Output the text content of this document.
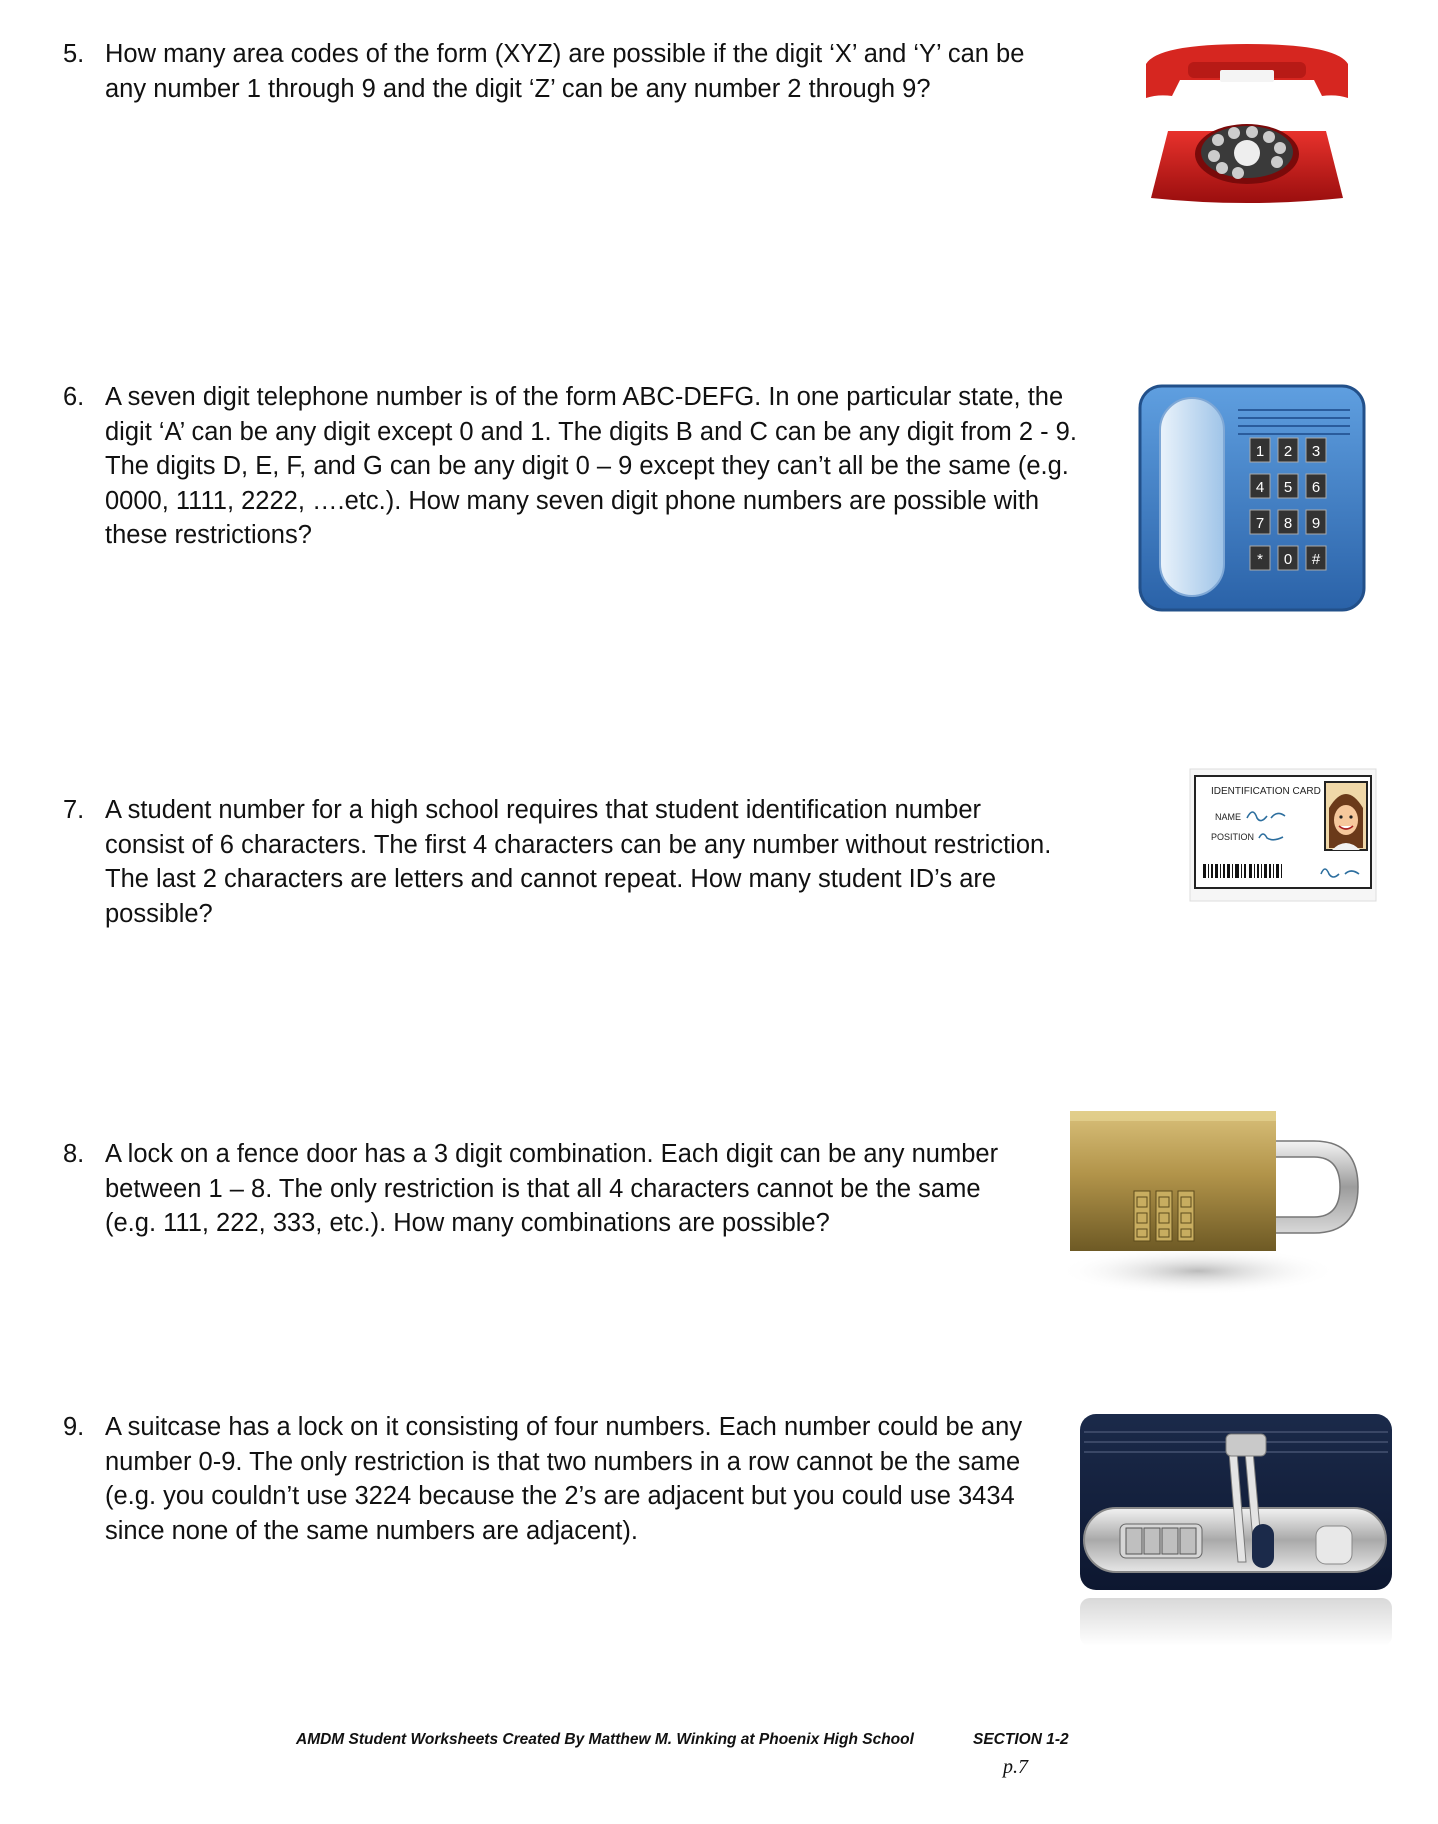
5. How many area codes of the form (XYZ) are possible if the digit ‘X’ and ‘Y’ can be
any number 1 through 9 and the digit ‘Z’ can be any number 2 through 9?
6. A seven digit telephone number is of the form ABC-DEFG. In one particular state, the
digit ‘A’ can be any digit except 0 and 1. The digits B and C can be any digit from 2 - 9.
The digits D, E, F, and G can be any digit 0 – 9 except they can’t all be the same (e.g.
0000, 1111, 2222, ….etc.). How many seven digit phone numbers are possible with
these restrictions?
1 2 3
4 5 6
7 8 9
* 0 #
7. A student number for a high school requires that student identification number
consist of 6 characters. The first 4 characters can be any number without restriction.
The last 2 characters are letters and cannot repeat. How many student ID’s are
possible?
IDENTIFICATION CARD
NAME
POSITION
8. A lock on a fence door has a 3 digit combination. Each digit can be any number
between 1 – 8. The only restriction is that all 4 characters cannot be the same
(e.g. 111, 222, 333, etc.). How many combinations are possible?
9. A suitcase has a lock on it consisting of four numbers. Each number could be any
number 0-9. The only restriction is that two numbers in a row cannot be the same
(e.g. you couldn’t use 3224 because the 2’s are adjacent but you could use 3434
since none of the same numbers are adjacent).
AMDM Student Worksheets Created By Matthew M. Winking at Phoenix High School	SECTION 1-2
p.7
